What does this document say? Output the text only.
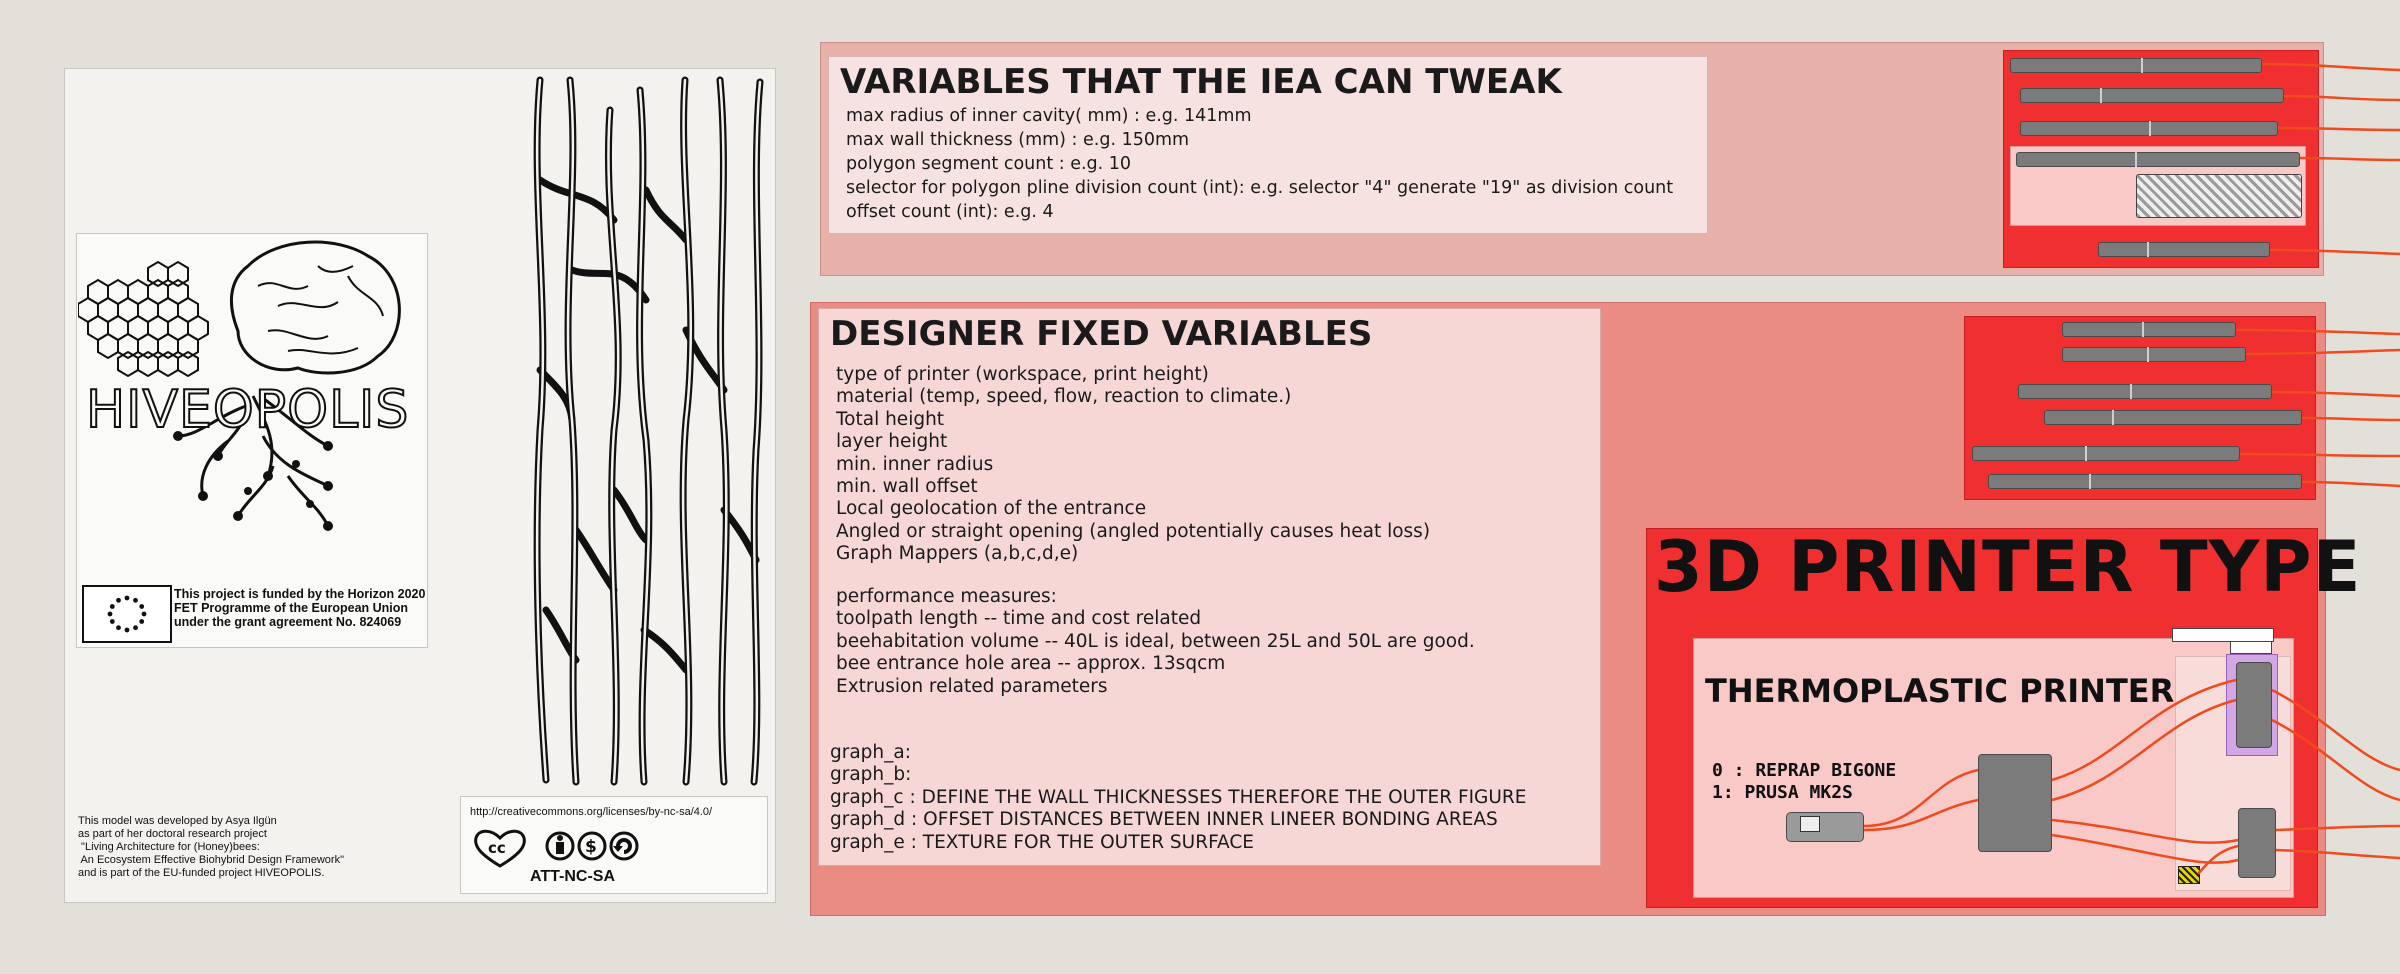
HIVEOPOLIS
This project is funded by the Horizon 2020
FET Programme of the European Union
under the grant agreement No. 824069
This model was developed by Asya Ilgün
as part of her doctoral research project
"Living Architecture for (Honey)bees:
An Ecosystem Effective Biohybrid Design Framework"
and is part of the EU-funded project HIVEOPOLIS.
http://creativecommons.org/licenses/by-nc-sa/4.0/
cc	$
ATT-NC-SA
VARIABLES THAT THE IEA CAN TWEAK
max radius of inner cavity( mm) : e.g. 141mm
max wall thickness (mm) : e.g. 150mm
polygon segment count : e.g. 10
selector for polygon pline division count (int): e.g. selector "4" generate "19" as division count
offset count (int): e.g. 4
DESIGNER FIXED VARIABLES
type of printer (workspace, print height)
material (temp, speed, flow, reaction to climate.)
Total height
layer height
min. inner radius
min. wall offset
Local geolocation of the entrance
Angled or straight opening (angled potentially causes heat loss)
Graph Mappers (a,b,c,d,e)
performance measures:
toolpath length -- time and cost related
beehabitation volume -- 40L is ideal, between 25L and 50L are good.
bee entrance hole area -- approx. 13sqcm
Extrusion related parameters
graph_a:
graph_b:
graph_c : DEFINE THE WALL THICKNESSES THEREFORE THE OUTER FIGURE
graph_d : OFFSET DISTANCES BETWEEN INNER LINEER BONDING AREAS
graph_e : TEXTURE FOR THE OUTER SURFACE
3D PRINTER TYPE
THERMOPLASTIC PRINTER
0 : REPRAP BIGONE
1: PRUSA MK2S
